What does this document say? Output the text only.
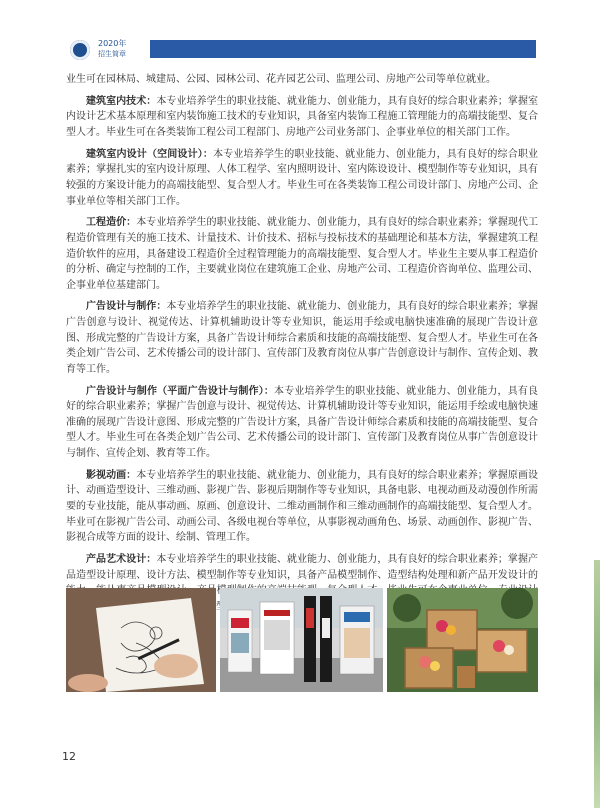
2020年
招生简章

业生可在园林局、城建局、公园、园林公司、花卉园艺公司、监理公司、房地产公司等单位就业。

建筑室内技术：本专业培养学生的职业技能、就业能力、创业能力，具有良好的综合职业素养；掌握室内设计艺术基本原理和室内装饰施工技术的专业知识，具备室内装饰工程施工管理能力的高端技能型、复合型人才。毕业生可在各类装饰工程公司工程部门、房地产公司业务部门、企事业单位的相关部门工作。

建筑室内设计（空间设计）：本专业培养学生的职业技能、就业能力、创业能力，具有良好的综合职业素养；掌握扎实的室内设计原理、人体工程学、室内照明设计、室内陈设设计、模型制作等专业知识，具有较强的方案设计能力的高端技能型、复合型人才。毕业生可在各类装饰工程公司设计部门、房地产公司、企事业单位等相关部门工作。

工程造价：本专业培养学生的职业技能、就业能力、创业能力，具有良好的综合职业素养；掌握现代工程造价管理有关的施工技术、计量技术、计价技术、招标与投标技术的基础理论和基本方法，掌握建筑工程造价软件的应用，具备建设工程造价全过程管理能力的高端技能型、复合型人才。毕业生主要从事工程造价的分析、确定与控制的工作，主要就业岗位在建筑施工企业、房地产公司、工程造价咨询单位、监理公司、企事业单位基建部门。

广告设计与制作：本专业培养学生的职业技能、就业能力、创业能力，具有良好的综合职业素养；掌握广告创意与设计、视觉传达、计算机辅助设计等专业知识，能运用手绘或电脑快速准确的展现广告设计意图、形成完整的广告设计方案，具备广告设计师综合素质和技能的高端技能型、复合型人才。毕业生可在各类企划广告公司、艺术传播公司的设计部门、宣传部门及教育岗位从事广告创意设计与制作、宣传企划、教育等工作。

广告设计与制作（平面广告设计与制作）：本专业培养学生的职业技能、就业能力、创业能力，具有良好的综合职业素养；掌握广告创意与设计、视觉传达、计算机辅助设计等专业知识，能运用手绘或电脑快速准确的展现广告设计意图、形成完整的广告设计方案，具备广告设计师综合素质和技能的高端技能型、复合型人才。毕业生可在各类企划广告公司、艺术传播公司的设计部门、宣传部门及教育岗位从事广告创意设计与制作、宣传企划、教育等工作。

影视动画：本专业培养学生的职业技能、就业能力、创业能力，具有良好的综合职业素养；掌握原画设计、动画造型设计、三维动画、影视广告、影视后期制作等专业知识，具备电影、电视动画及动漫创作所需要的专业技能，能从事动画、原画、创意设计、二维动画制作和三维动画制作的高端技能型、复合型人才。毕业可在影视广告公司、动画公司、各级电视台等单位，从事影视动画角色、场景、动画创作、影视广告、影视合成等方面的设计、绘制、管理工作。

产品艺术设计：本专业培养学生的职业技能、就业能力、创业能力，具有良好的综合职业素养；掌握产品造型设计原理、设计方法、模型制作等专业知识，具备产品模型制作、造型结构处理和新产品开发设计的

12
